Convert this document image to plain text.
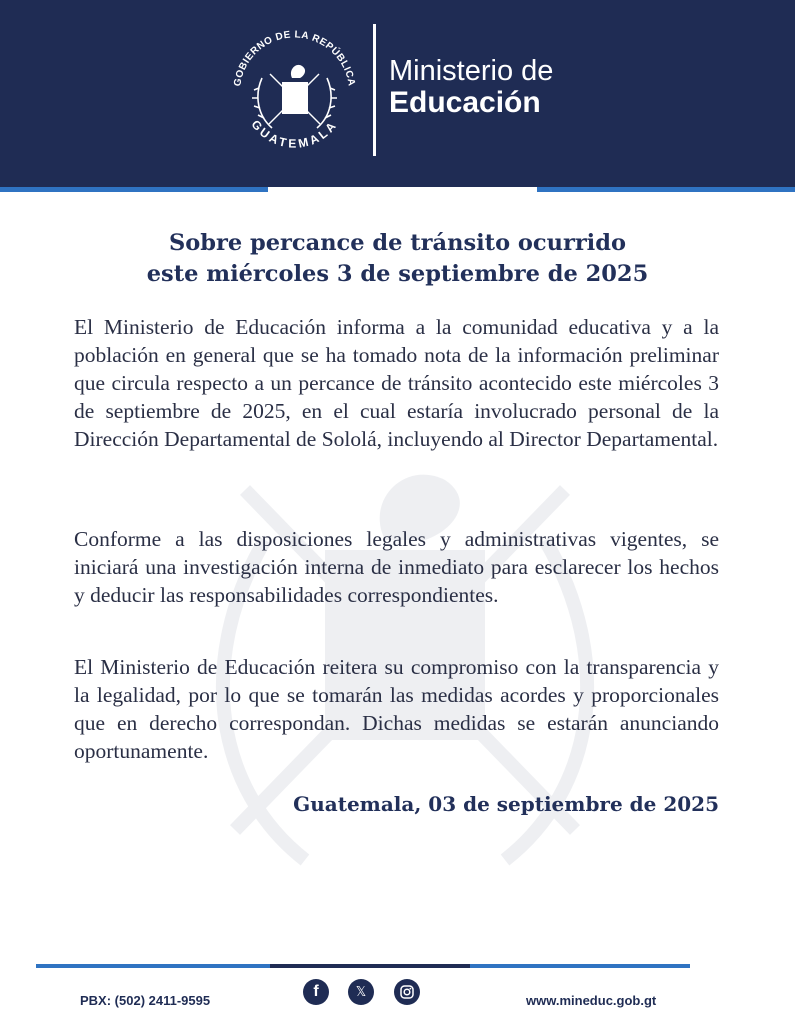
GOBIERNO DE LA REPÚBLICA
GUATEMALA
Ministerio de
Educación
Sobre percance de tránsito ocurrido
este miércoles 3 de septiembre de 2025

El Ministerio de Educación informa a la comunidad educativa y a la población en general que se ha tomado nota de la información preliminar que circula respecto a un percance de tránsito acontecido este miércoles 3 de septiembre de 2025, en el cual estaría involucrado personal de la Dirección Departamental de Sololá, incluyendo al Director Departamental.

Conforme a las disposiciones legales y administrativas vigentes, se iniciará una investigación interna de inmediato para esclarecer los hechos y deducir las responsabilidades correspondientes.

El Ministerio de Educación reitera su compromiso con la transparencia y la legalidad, por lo que se tomarán las medidas acordes y proporcionales que en derecho correspondan. Dichas medidas se estarán anunciando oportunamente.

Guatemala, 03 de septiembre de 2025
PBX: (502) 2411-9595
f	𝕏
www.mineduc.gob.gt
